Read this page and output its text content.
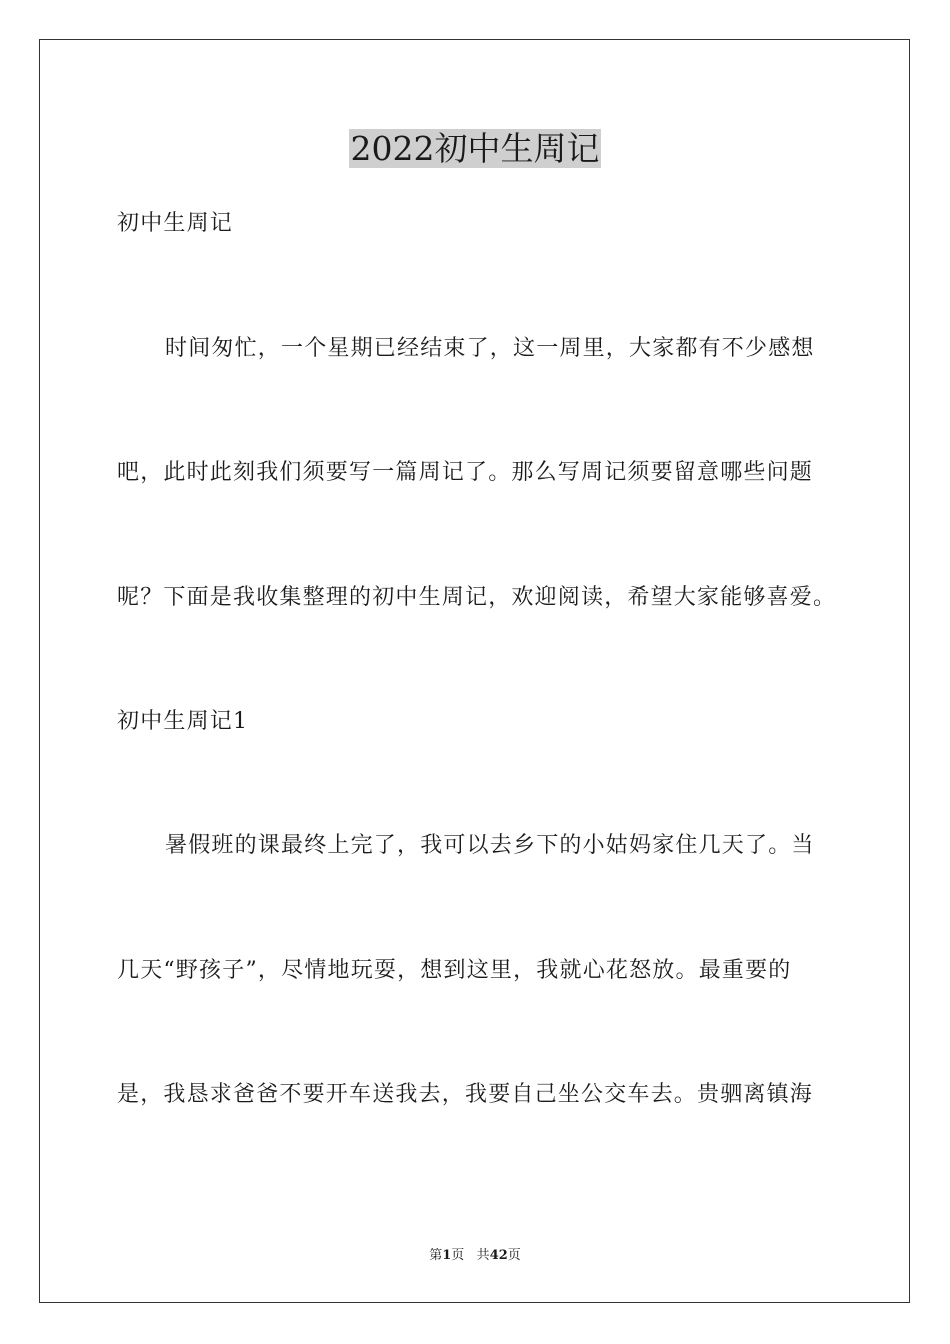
2022初中生周记
初中生周记
时间匆忙，一个星期已经结束了，这一周里，大家都有不少感想
吧，此时此刻我们须要写一篇周记了。那么写周记须要留意哪些问题
呢？下面是我收集整理的初中生周记，欢迎阅读，希望大家能够喜爱。
初中生周记1
暑假班的课最终上完了，我可以去乡下的小姑妈家住几天了。当
几天“野孩子”，尽情地玩耍，想到这里，我就心花怒放。最重要的
是，我恳求爸爸不要开车送我去，我要自己坐公交车去。贵驷离镇海
第1页 共42页
